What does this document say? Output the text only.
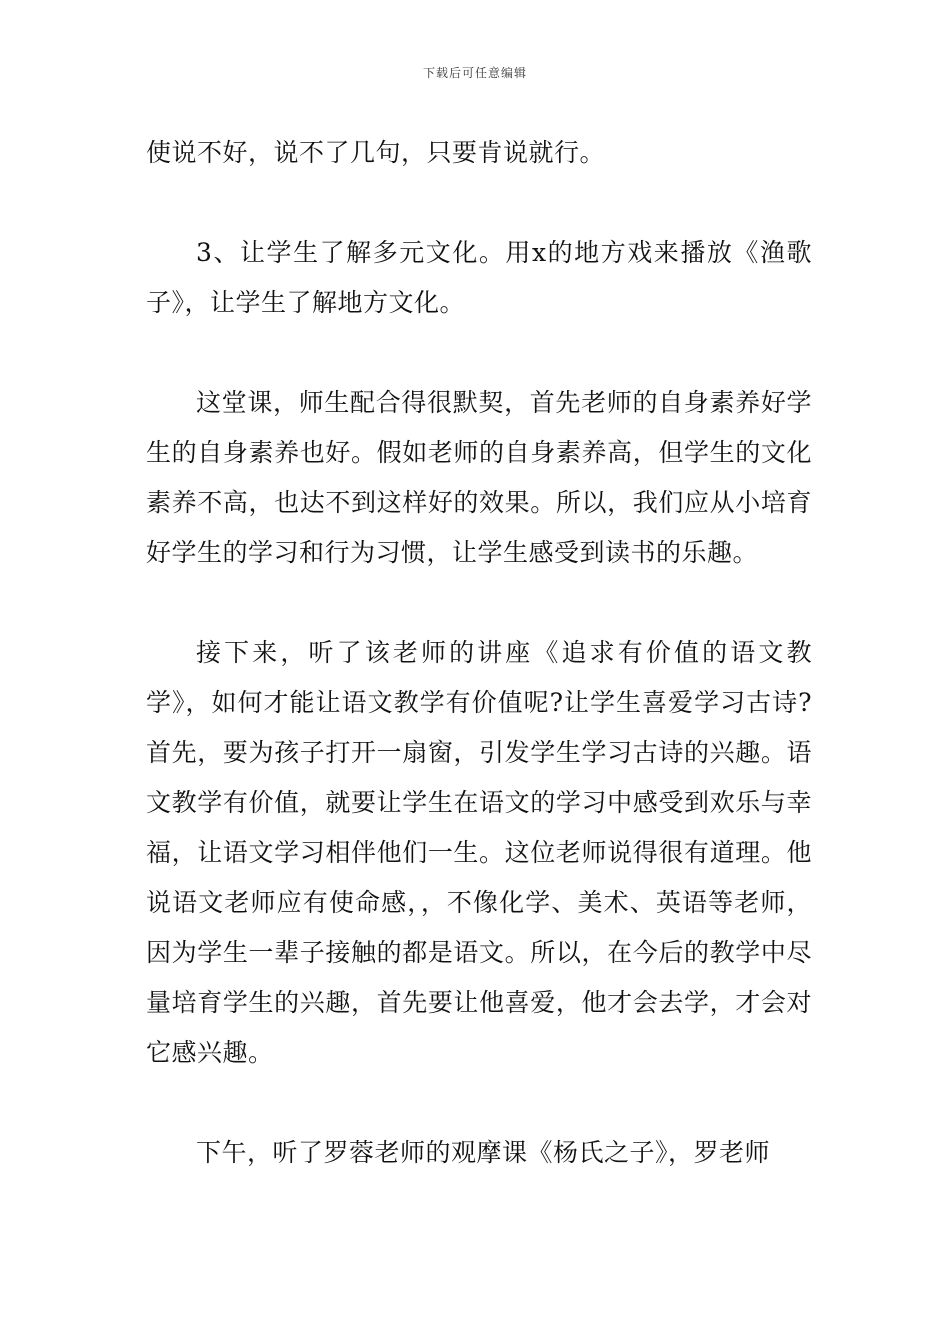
下载后可任意编辑

使说不好，说不了几句，只要肯说就行。

3、让学生了解多元文化。用x的地方戏来播放《渔歌子》，让学生了解地方文化。

这堂课，师生配合得很默契，首先老师的自身素养好学生的自身素养也好。假如老师的自身素养高，但学生的文化素养不高，也达不到这样好的效果。所以，我们应从小培育好学生的学习和行为习惯，让学生感受到读书的乐趣。

接下来，听了该老师的讲座《追求有价值的语文教学》，如何才能让语文教学有价值呢?让学生喜爱学习古诗?首先，要为孩子打开一扇窗，引发学生学习古诗的兴趣。语文教学有价值，就要让学生在语文的学习中感受到欢乐与幸福，让语文学习相伴他们一生。这位老师说得很有道理。他说语文老师应有使命感，，不像化学、美术、英语等老师，因为学生一辈子接触的都是语文。所以，在今后的教学中尽量培育学生的兴趣，首先要让他喜爱，他才会去学，才会对它感兴趣。

下午，听了罗蓉老师的观摩课《杨氏之子》，罗老师
